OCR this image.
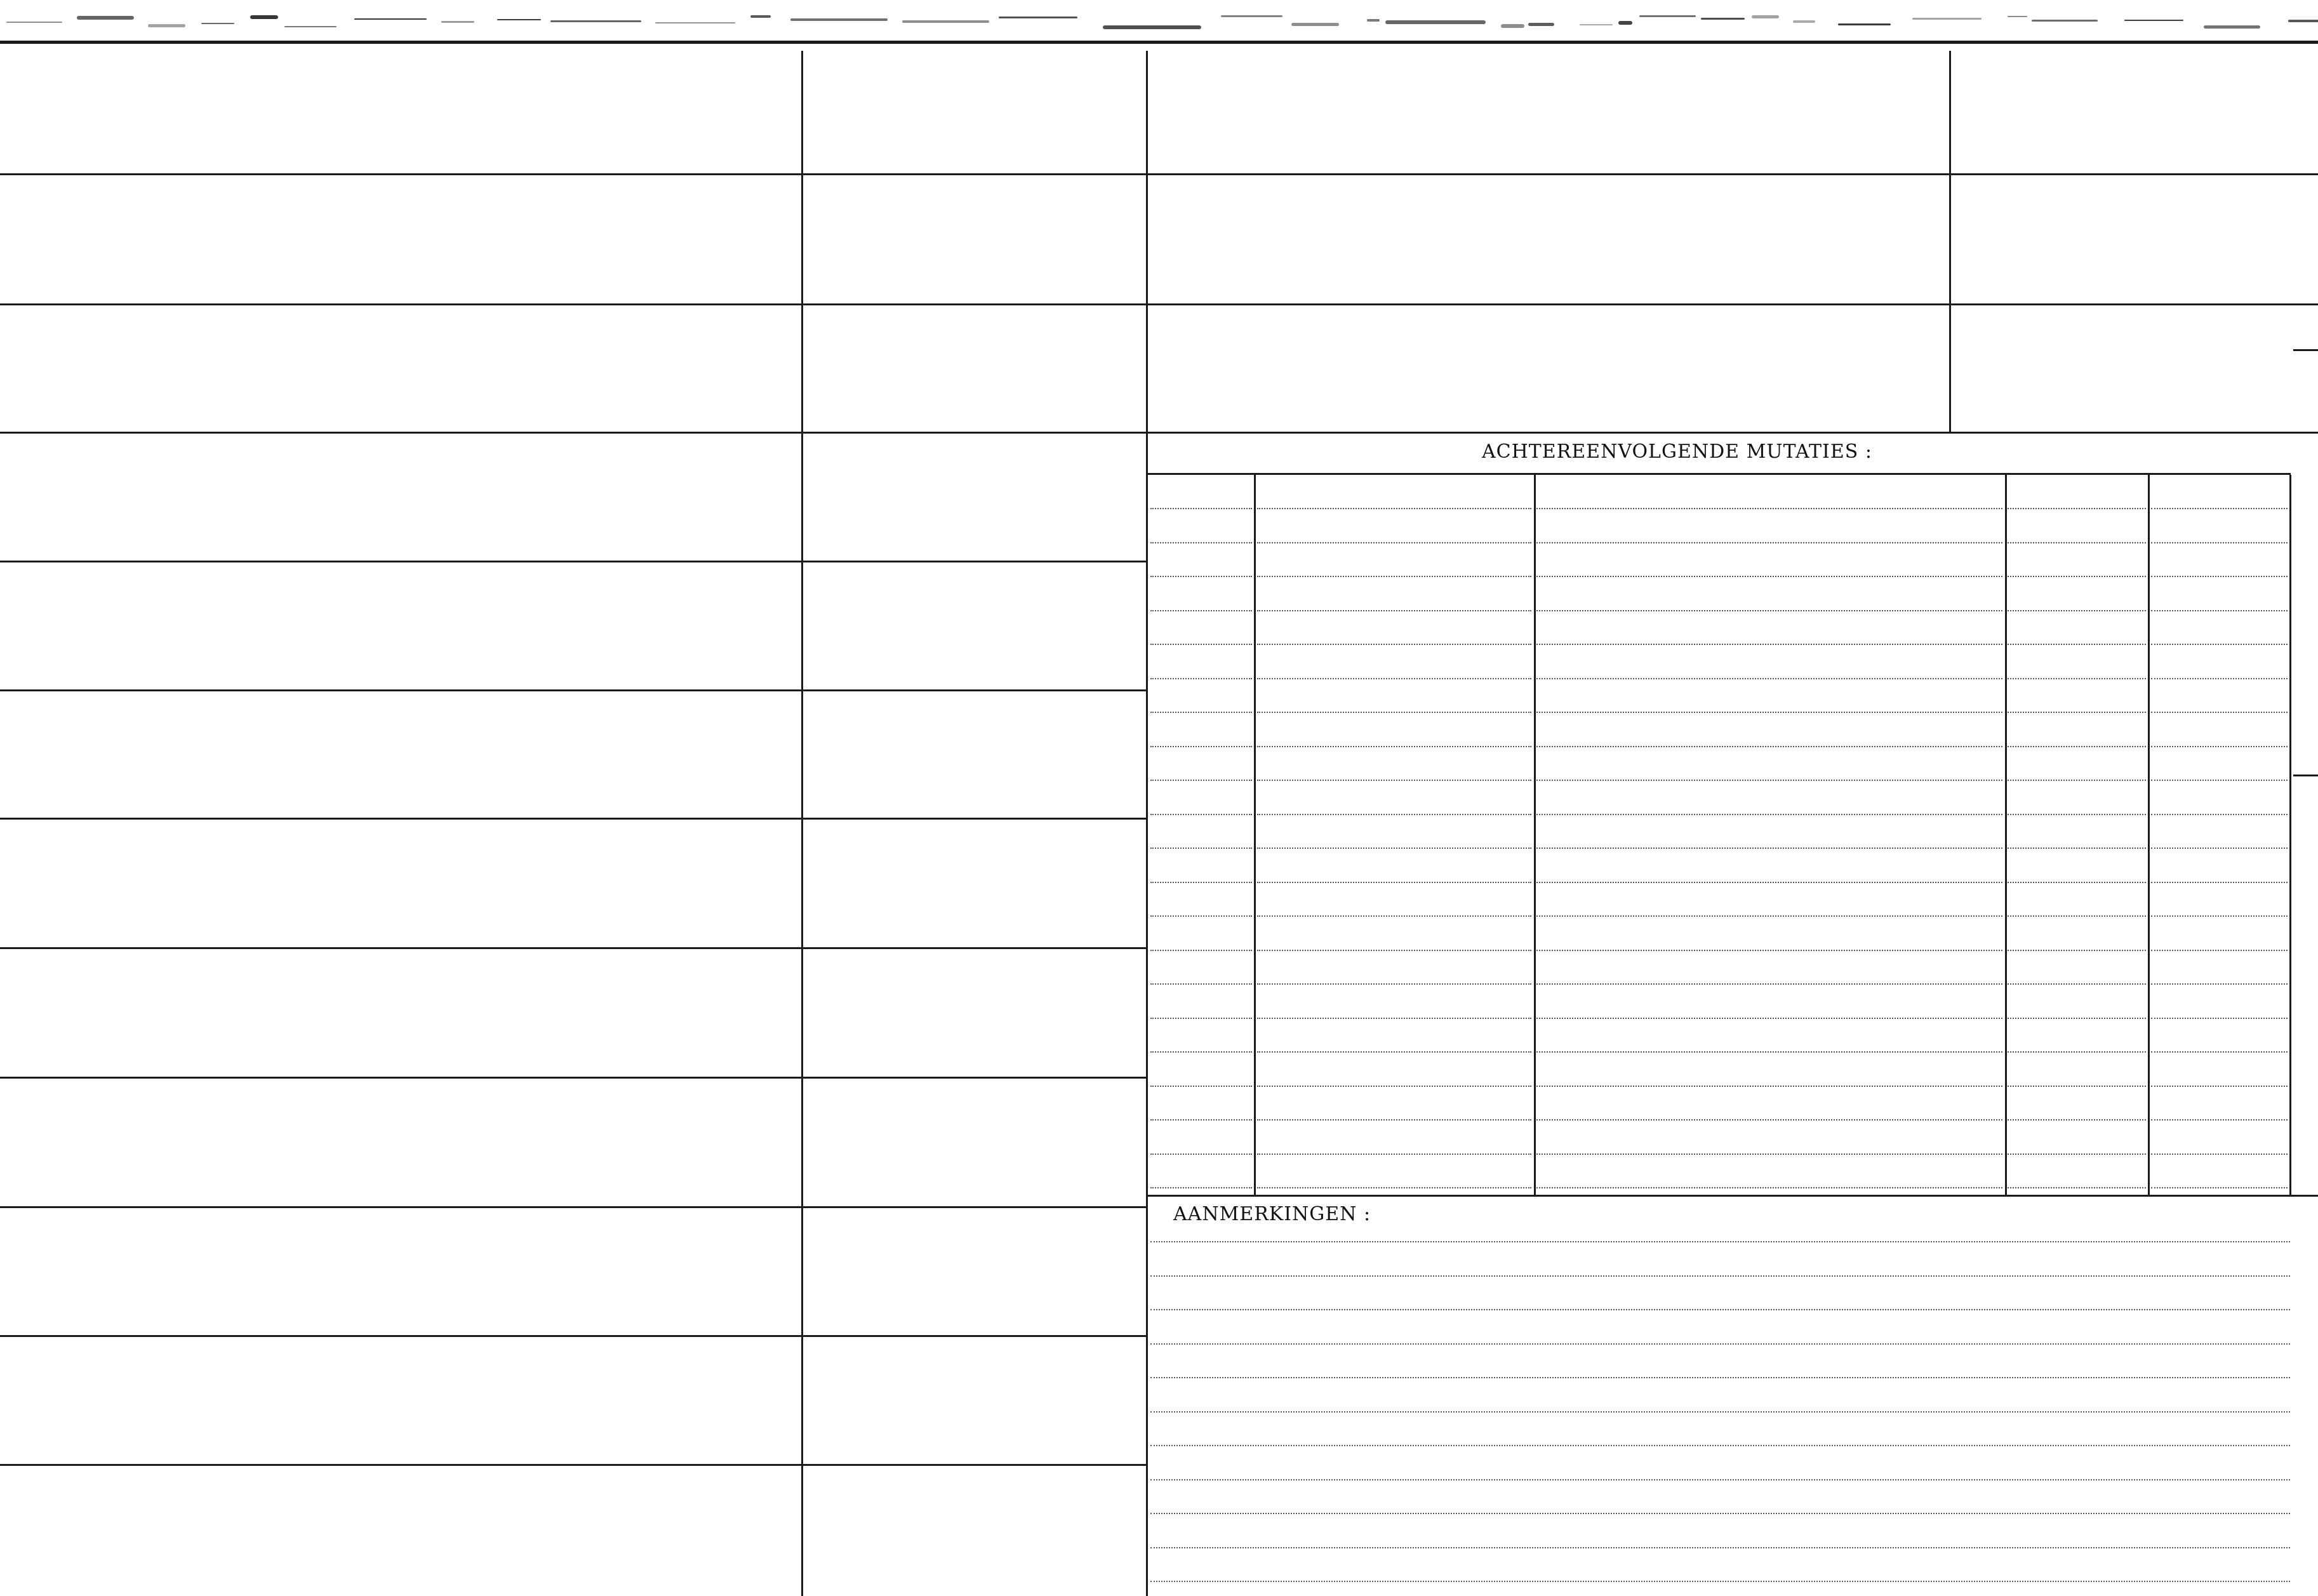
ACHTEREENVOLGENDE MUTATIES :
AANMERKINGEN :
